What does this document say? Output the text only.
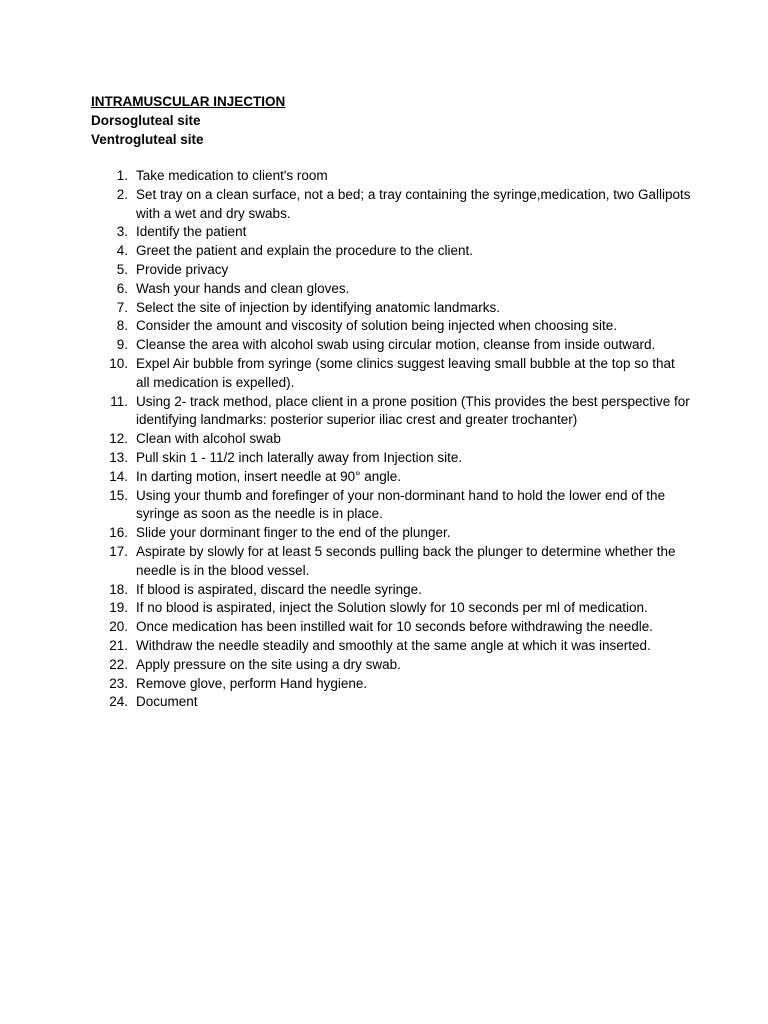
INTRAMUSCULAR INJECTION
Dorsogluteal site
Ventrogluteal site
1. Take medication to client's room
2. Set tray on a clean surface, not a bed; a tray containing the syringe,medication, two Gallipots with a wet and dry swabs.
3. Identify the patient
4. Greet the patient and explain the procedure to the client.
5. Provide privacy
6. Wash your hands and clean gloves.
7. Select the site of injection by identifying anatomic landmarks.
8. Consider the amount and viscosity of solution being injected when choosing site.
9. Cleanse the area with alcohol swab using circular motion, cleanse from inside outward.
10. Expel Air bubble from syringe (some clinics suggest leaving small bubble at the top so that all medication is expelled).
11. Using 2- track method, place client in a prone position (This provides the best perspective for identifying landmarks: posterior superior iliac crest and greater trochanter)
12. Clean with alcohol swab
13. Pull skin 1 - 11/2 inch laterally away from Injection site.
14. In darting motion, insert needle at 90° angle.
15. Using your thumb and forefinger of your non-dorminant hand to hold the lower end of the syringe as soon as the needle is in place.
16. Slide your dorminant finger to the end of the plunger.
17. Aspirate by slowly for at least 5 seconds pulling back the plunger to determine whether the needle is in the blood vessel.
18. If blood is aspirated, discard the needle syringe.
19. If no blood is aspirated, inject the Solution slowly for 10 seconds per ml of medication.
20. Once medication has been instilled wait for 10 seconds before withdrawing the needle.
21. Withdraw the needle steadily and smoothly at the same angle at which it was inserted.
22. Apply pressure on the site using a dry swab.
23. Remove glove, perform Hand hygiene.
24. Document
